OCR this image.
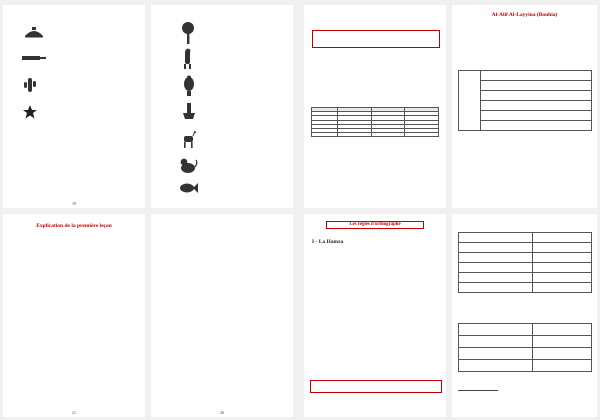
19

Al-Alif Al-Layyina (Bouhia)

Explication de la première leçon
21	26
Les règles d'orthographe
I - La Hamza
